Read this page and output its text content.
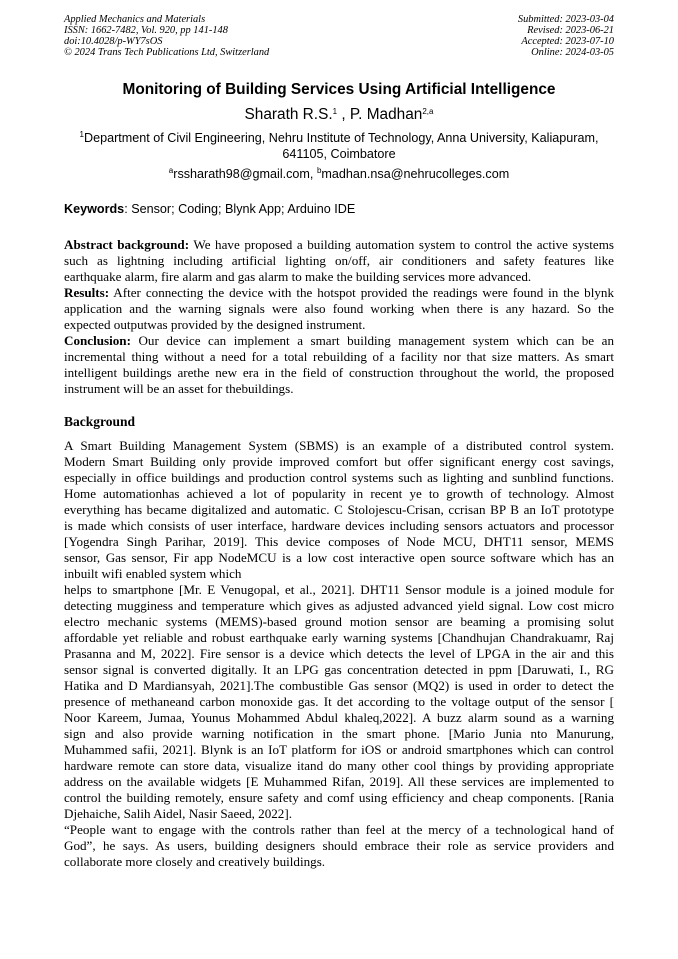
Applied Mechanics and Materials
ISSN: 1662-7482, Vol. 920, pp 141-148
doi:10.4028/p-WY7sOS
© 2024 Trans Tech Publications Ltd, Switzerland
Submitted: 2023-03-04
Revised: 2023-06-21
Accepted: 2023-07-10
Online: 2024-03-05
Monitoring of Building Services Using Artificial Intelligence
Sharath R.S.$^1$ , P. Madhan$^{2,a}$
$^1$Department of Civil Engineering, Nehru Institute of Technology, Anna University, Kaliapuram,
641105, Coimbatore
$^a$rssharath98@gmail.com, $^b$madhan.nsa@nehrucolleges.com
Keywords: Sensor; Coding; Blynk App; Arduino IDE
Abstract background: We have proposed a building automation system to control the active systems
such as lightning including artificial lighting on/off, air conditioners and safety features like
earthquake alarm, fire alarm and gas alarm to make the building services more advanced.
Results: After connecting the device with the hotspot provided the readings were found in the blynk
application and the warning signals were also found working when there is any hazard. So the
expected outputwas provided by the designed instrument.
Conclusion: Our device can implement a smart building management system which can be an
incremental thing without a need for a total rebuilding of a facility nor that size matters. As smart
intelligent buildings arethe new era in the field of construction throughout the world, the proposed
instrument will be an asset for thebuildings.
Background
A Smart Building Management System (SBMS) is an example of a distributed control system.
Modern Smart Building only provide improved comfort but offer significant energy cost savings,
especially in office buildings and production control systems such as lighting and sunblind functions.
Home automationhas achieved a lot of popularity in recent ye to growth of technology. Almost
everything has became digitalized and automatic. C Stolojescu-Crisan, ccrisan BP B an IoT prototype
is made which consists of user interface, hardware devices including sensors actuators and processor
[Yogendra Singh Parihar, 2019]. This device composes of Node MCU, DHT11 sensor, MEMS
sensor, Gas sensor, Fir app NodeMCU is a low cost interactive open source software which has an
inbuilt wifi enabled system which
helps to smartphone [Mr. E Venugopal, et al., 2021]. DHT11 Sensor module is a joined module for
detecting mugginess and temperature which gives as adjusted advanced yield signal. Low cost micro
electro mechanic systems (MEMS)-based ground motion sensor are beaming a promising solut
affordable yet reliable and robust earthquake early warning systems [Chandhujan Chandrakuamr, Raj
Prasanna and M, 2022]. Fire sensor is a device which detects the level of LPGA in the air and this
sensor signal is converted digitally. It an LPG gas concentration detected in ppm [Daruwati, I., RG
Hatika and D Mardiansyah, 2021].The combustible Gas sensor (MQ2) is used in order to detect the
presence of methaneand carbon monoxide gas. It det according to the voltage output of the sensor [
Noor Kareem, Jumaa, Younus Mohammed Abdul khaleq,2022]. A buzz alarm sound as a warning
sign and also provide warning notification in the smart phone. [Mario Junia nto Manurung,
Muhammed safii, 2021]. Blynk is an IoT platform for iOS or android smartphones which can control
hardware remote can store data, visualize itand do many other cool things by providing appropriate
address on the available widgets [E Muhammed Rifan, 2019]. All these services are implemented to
control the building remotely, ensure safety and comf using efficiency and cheap components. [Rania
Djehaiche, Salih Aidel, Nasir Saeed, 2022].
“People want to engage with the controls rather than feel at the mercy of a technological hand of
God”, he says. As users, building designers should embrace their role as service providers and
collaborate more closely and creatively buildings.
